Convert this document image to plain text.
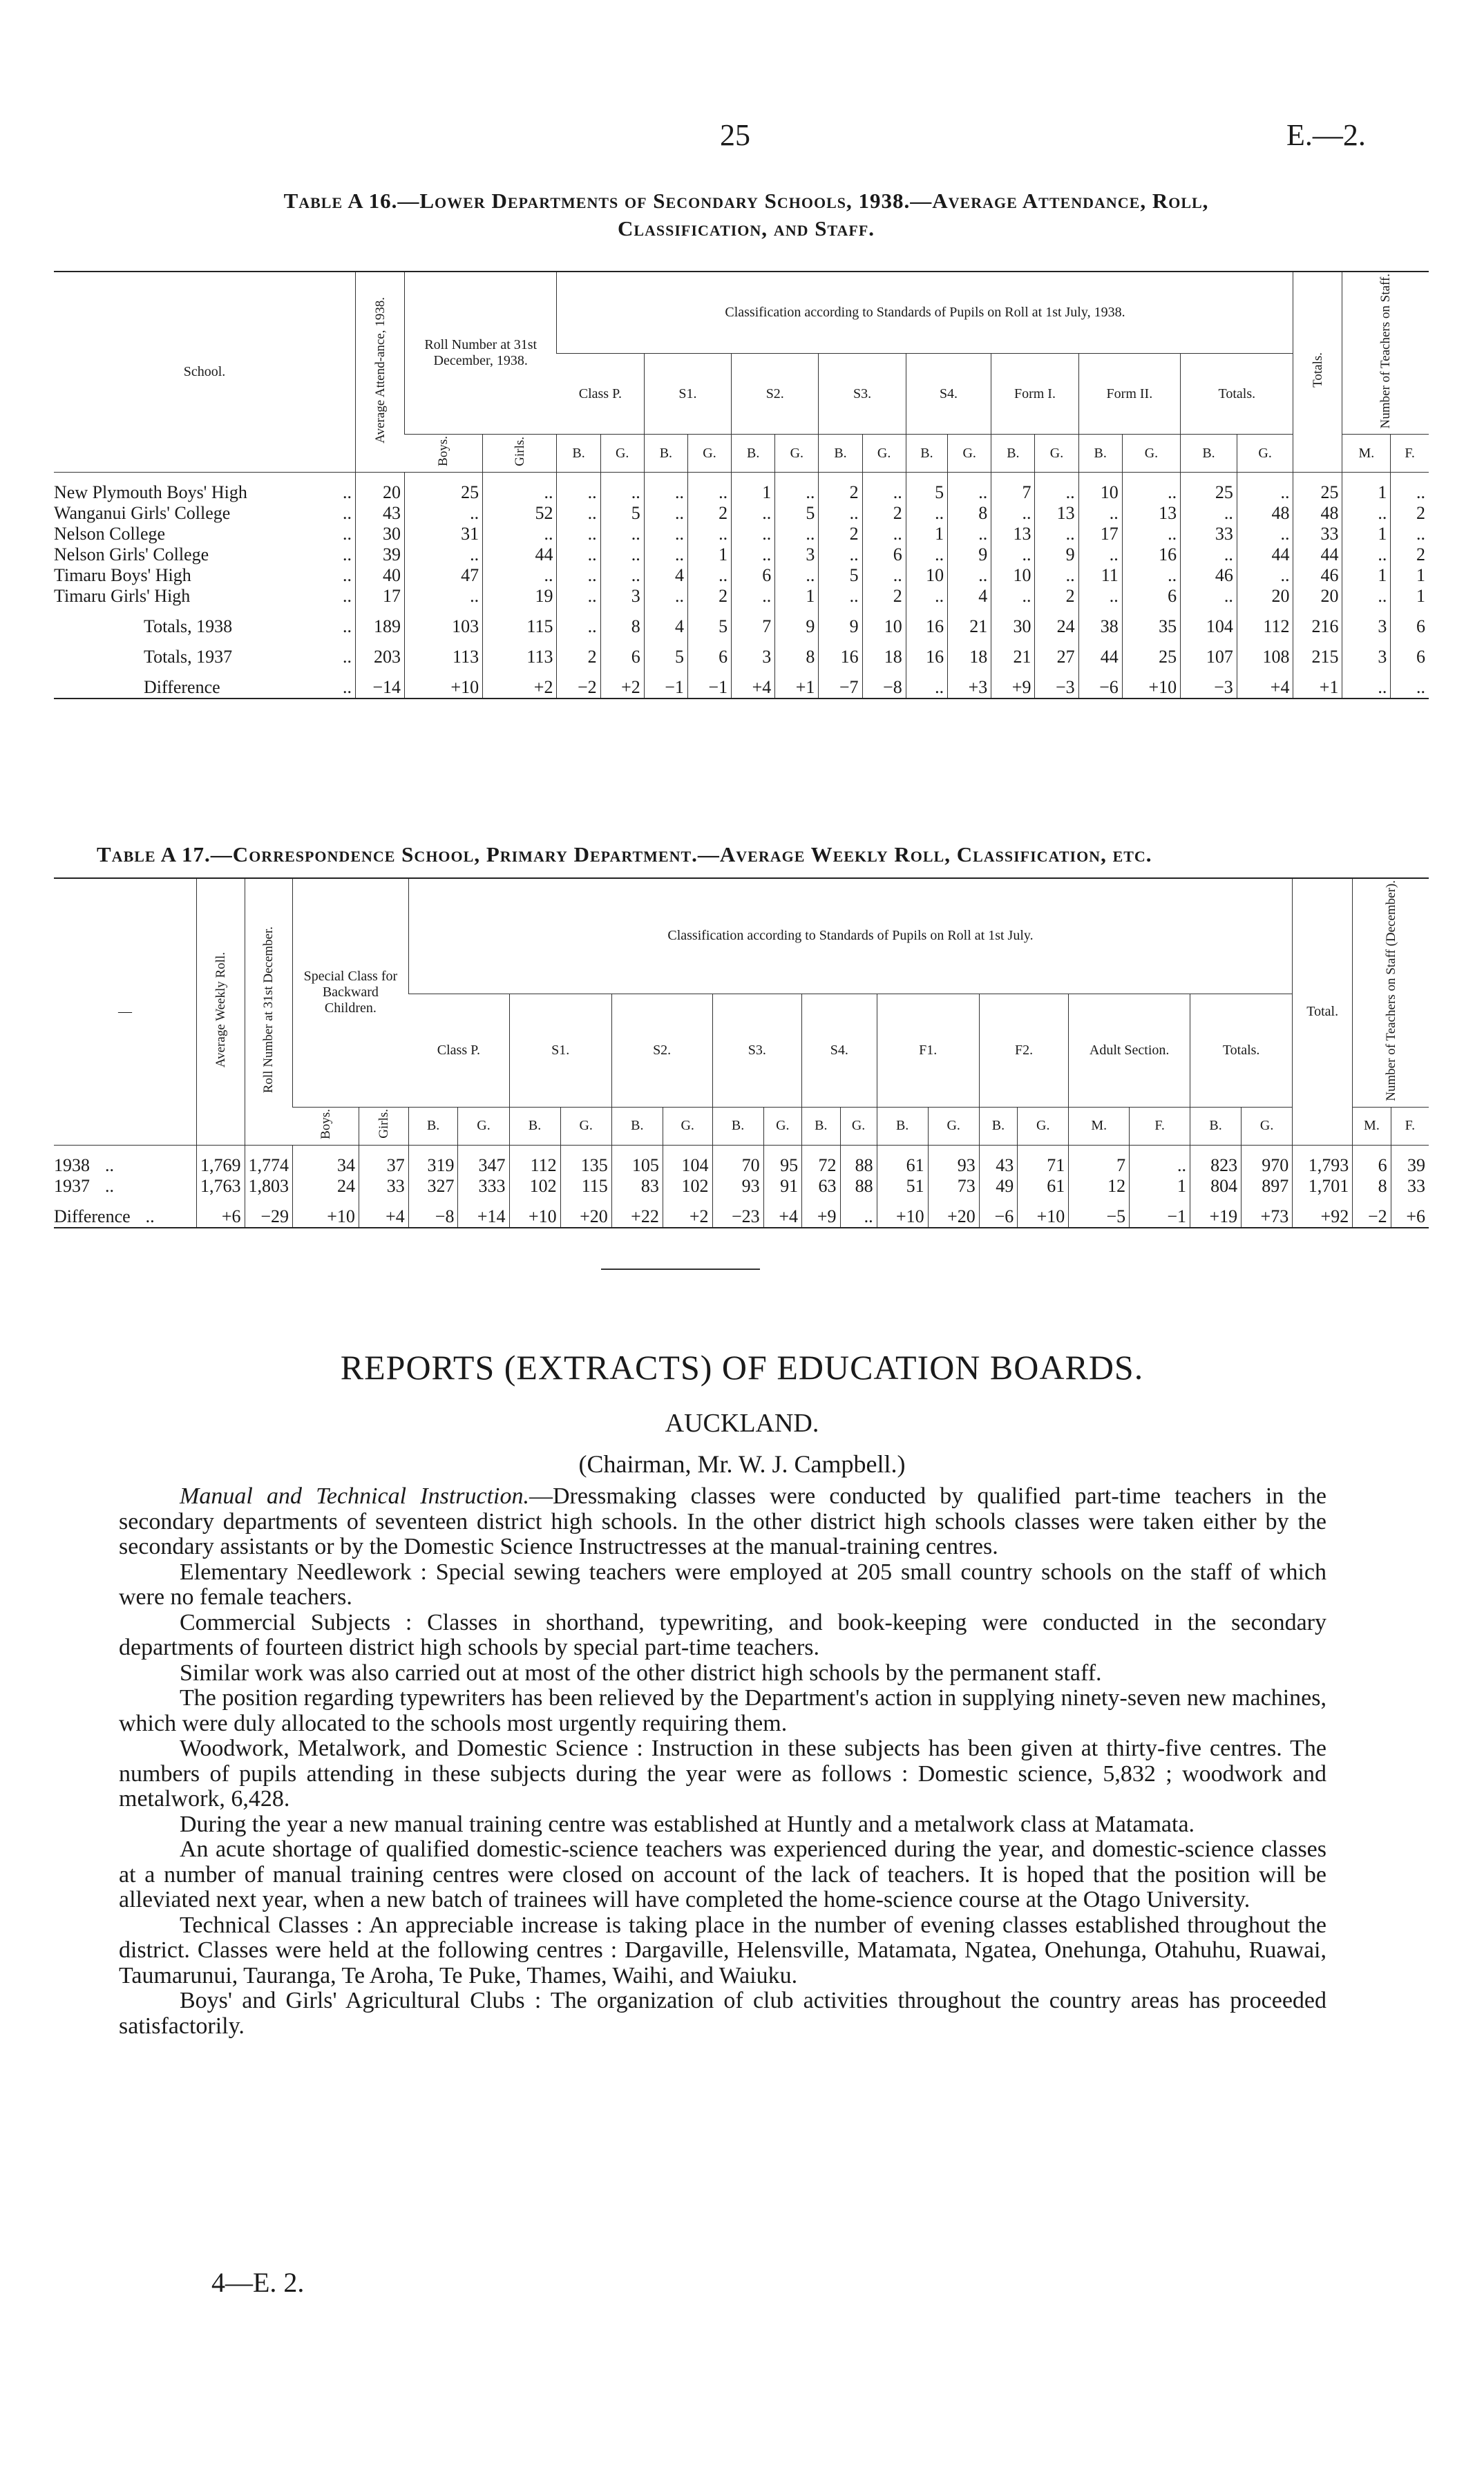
25	E.—2.
Table A 16.—Lower Departments of Secondary Schools, 1938.—Average Attendance, Roll,
Classification, and Staff.
School.	Average Attend-ance, 1938.	Roll Number at 31st December, 1938.		Classification according to Standards of Pupils on Roll at 1st July, 1938.																Totals.	Number of Teachers on Staff.	
				Class P.		S1.		S2.		S3.		S4.		Form I.		Form II.		Totals.				
		Boys.	Girls.	B.	G.	B.	G.	B.	G.	B.	G.	B.	G.	B.	G.	B.	G.	B.	G.		M.	F.
New Plymouth Boys' High ..	20	25	..	..	..	..	..	1	..	2	..	5	..	7	..	10	..	25	..	25	1	..
Wanganui Girls' College ..	43	..	52	..	5	..	2	..	5	..	2	..	8	..	13	..	13	..	48	48	..	2
Nelson College ..	30	31	..	..	..	..	..	..	..	2	..	1	..	13	..	17	..	33	..	33	1	..
Nelson Girls' College ..	39	..	44	..	..	..	1	..	3	..	6	..	9	..	9	..	16	..	44	44	..	2
Timaru Boys' High ..	40	47	..	..	..	4	..	6	..	5	..	10	..	10	..	11	..	46	..	46	1	1
Timaru Girls' High ..	17	..	19	..	3	..	2	..	1	..	2	..	4	..	2	..	6	..	20	20	..	1
Totals, 1938 ..	189	103	115	..	8	4	5	7	9	9	10	16	21	30	24	38	35	104	112	216	3	6
Totals, 1937 ..	203	113	113	2	6	5	6	3	8	16	18	16	18	21	27	44	25	107	108	215	3	6
Difference ..	−14	+10	+2	−2	+2	−1	−1	+4	+1	−7	−8	..	+3	+9	−3	−6	+10	−3	+4	+1	..	..
Table A 17.—Correspondence School, Primary Department.—Average Weekly Roll, Classification, etc.
—	Average Weekly Roll.	Roll Number at 31st December.	Special Class for Backward Children.		Classification according to Standards of Pupils on Roll at 1st July.																		Total.	Number of Teachers on Staff (December).	
					Class P.		S1.		S2.		S3.		S4.		F1.		F2.		Adult Section.		Totals.				
			Boys.	Girls.	B.	G.	B.	G.	B.	G.	B.	G.	B.	G.	B.	G.	B.	G.	M.	F.	B.	G.		M.	F.
1938 ..	1,769	1,774	34	37	319	347	112	135	105	104	70	95	72	88	61	93	43	71	7	..	823	970	1,793	6	39
1937 ..	1,763	1,803	24	33	327	333	102	115	83	102	93	91	63	88	51	73	49	61	12	1	804	897	1,701	8	33
Difference ..	+6	−29	+10	+4	−8	+14	+10	+20	+22	+2	−23	+4	+9	..	+10	+20	−6	+10	−5	−1	+19	+73	+92	−2	+6
REPORTS (EXTRACTS) OF EDUCATION BOARDS.
AUCKLAND.
(Chairman, Mr. W. J. Campbell.)

Manual and Technical Instruction.—Dressmaking classes were conducted by qualified part-time teachers in the secondary departments of seventeen district high schools. In the other district high schools classes were taken either by the secondary assistants or by the Domestic Science Instructresses at the manual-training centres.

Elementary Needlework : Special sewing teachers were employed at 205 small country schools on the staff of which were no female teachers.

Commercial Subjects : Classes in shorthand, typewriting, and book-keeping were conducted in the secondary departments of fourteen district high schools by special part-time teachers.

Similar work was also carried out at most of the other district high schools by the permanent staff.

The position regarding typewriters has been relieved by the Department's action in supplying ninety-seven new machines, which were duly allocated to the schools most urgently requiring them.

Woodwork, Metalwork, and Domestic Science : Instruction in these subjects has been given at thirty-five centres. The numbers of pupils attending in these subjects during the year were as follows : Domestic science, 5,832 ; woodwork and metalwork, 6,428.

During the year a new manual training centre was established at Huntly and a metalwork class at Matamata.

An acute shortage of qualified domestic-science teachers was experienced during the year, and domestic-science classes at a number of manual training centres were closed on account of the lack of teachers. It is hoped that the position will be alleviated next year, when a new batch of trainees will have completed the home-science course at the Otago University.

Technical Classes : An appreciable increase is taking place in the number of evening classes established throughout the district. Classes were held at the following centres : Dargaville, Helensville, Matamata, Ngatea, Onehunga, Otahuhu, Ruawai, Taumarunui, Tauranga, Te Aroha, Te Puke, Thames, Waihi, and Waiuku.

Boys' and Girls' Agricultural Clubs : The organization of club activities throughout the country areas has proceeded satisfactorily.

4—E. 2.
